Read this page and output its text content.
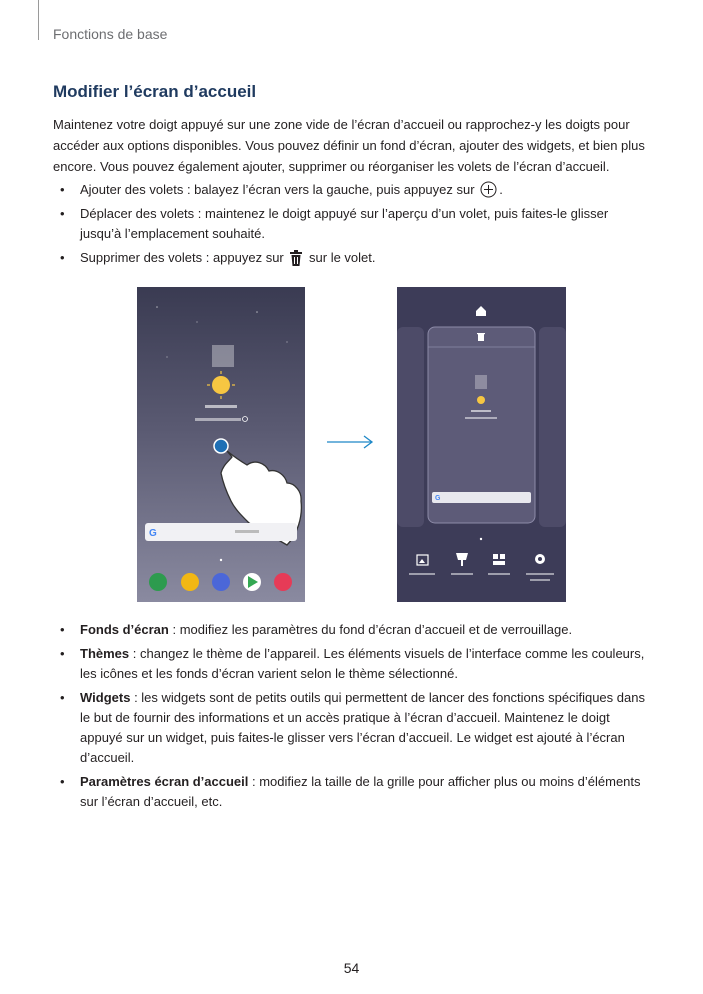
Fonctions de base
Modifier l’écran d’accueil
Maintenez votre doigt appuyé sur une zone vide de l’écran d’accueil ou rapprochez-y les doigts pour accéder aux options disponibles. Vous pouvez définir un fond d’écran, ajouter des widgets, et bien plus encore. Vous pouvez également ajouter, supprimer ou réorganiser les volets de l’écran d’accueil.
• Ajouter des volets : balayez l’écran vers la gauche, puis appuyez sur .
• Déplacer des volets : maintenez le doigt appuyé sur l’aperçu d’un volet, puis faites-le glisser jusqu’à l’emplacement souhaité.
• Supprimer des volets : appuyez sur sur le volet.
G
G
• Fonds d’écran : modifiez les paramètres du fond d’écran d’accueil et de verrouillage.
• Thèmes : changez le thème de l’appareil. Les éléments visuels de l’interface comme les couleurs, les icônes et les fonds d’écran varient selon le thème sélectionné.
• Widgets : les widgets sont de petits outils qui permettent de lancer des fonctions spécifiques dans le but de fournir des informations et un accès pratique à l’écran d’accueil. Maintenez le doigt appuyé sur un widget, puis faites-le glisser vers l’écran d’accueil. Le widget est ajouté à l’écran d’accueil.
• Paramètres écran d’accueil : modifiez la taille de la grille pour afficher plus ou moins d’éléments sur l’écran d’accueil, etc.
54
